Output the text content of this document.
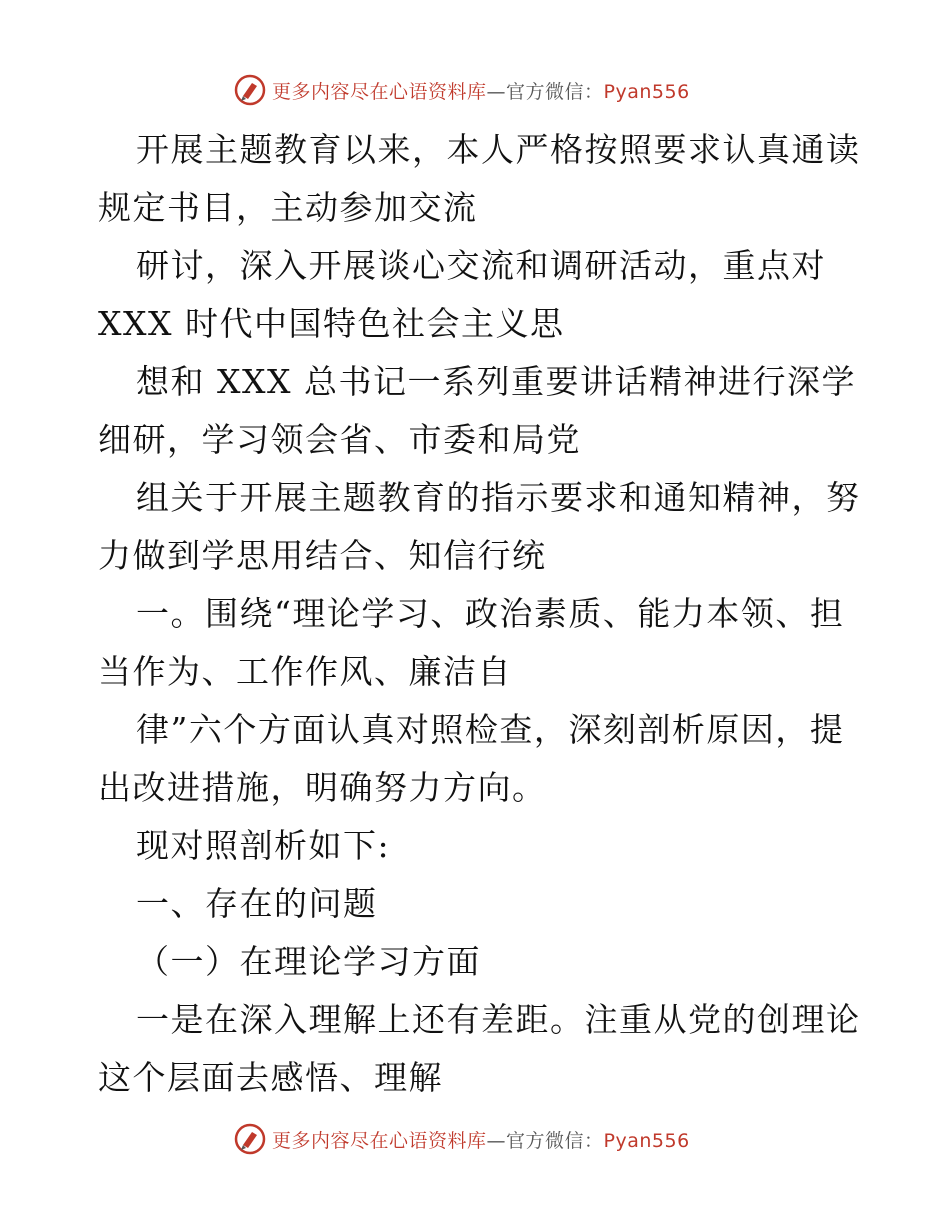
更多内容尽在心语资料库—官方微信：Pyan556
开展主题教育以来，本人严格按照要求认真通读
规定书目，主动参加交流
研讨，深入开展谈心交流和调研活动，重点对
XXX 时代中国特色社会主义思
想和 XXX 总书记一系列重要讲话精神进行深学
细研，学习领会省、市委和局党
组关于开展主题教育的指示要求和通知精神，努
力做到学思用结合、知信行统
一。围绕“理论学习、政治素质、能力本领、担
当作为、工作作风、廉洁自
律”六个方面认真对照检查，深刻剖析原因，提
出改进措施，明确努力方向。
现对照剖析如下:
一、存在的问题
（一）在理论学习方面
一是在深入理解上还有差距。注重从党的创理论
这个层面去感悟、理解
更多内容尽在心语资料库—官方微信：Pyan556
